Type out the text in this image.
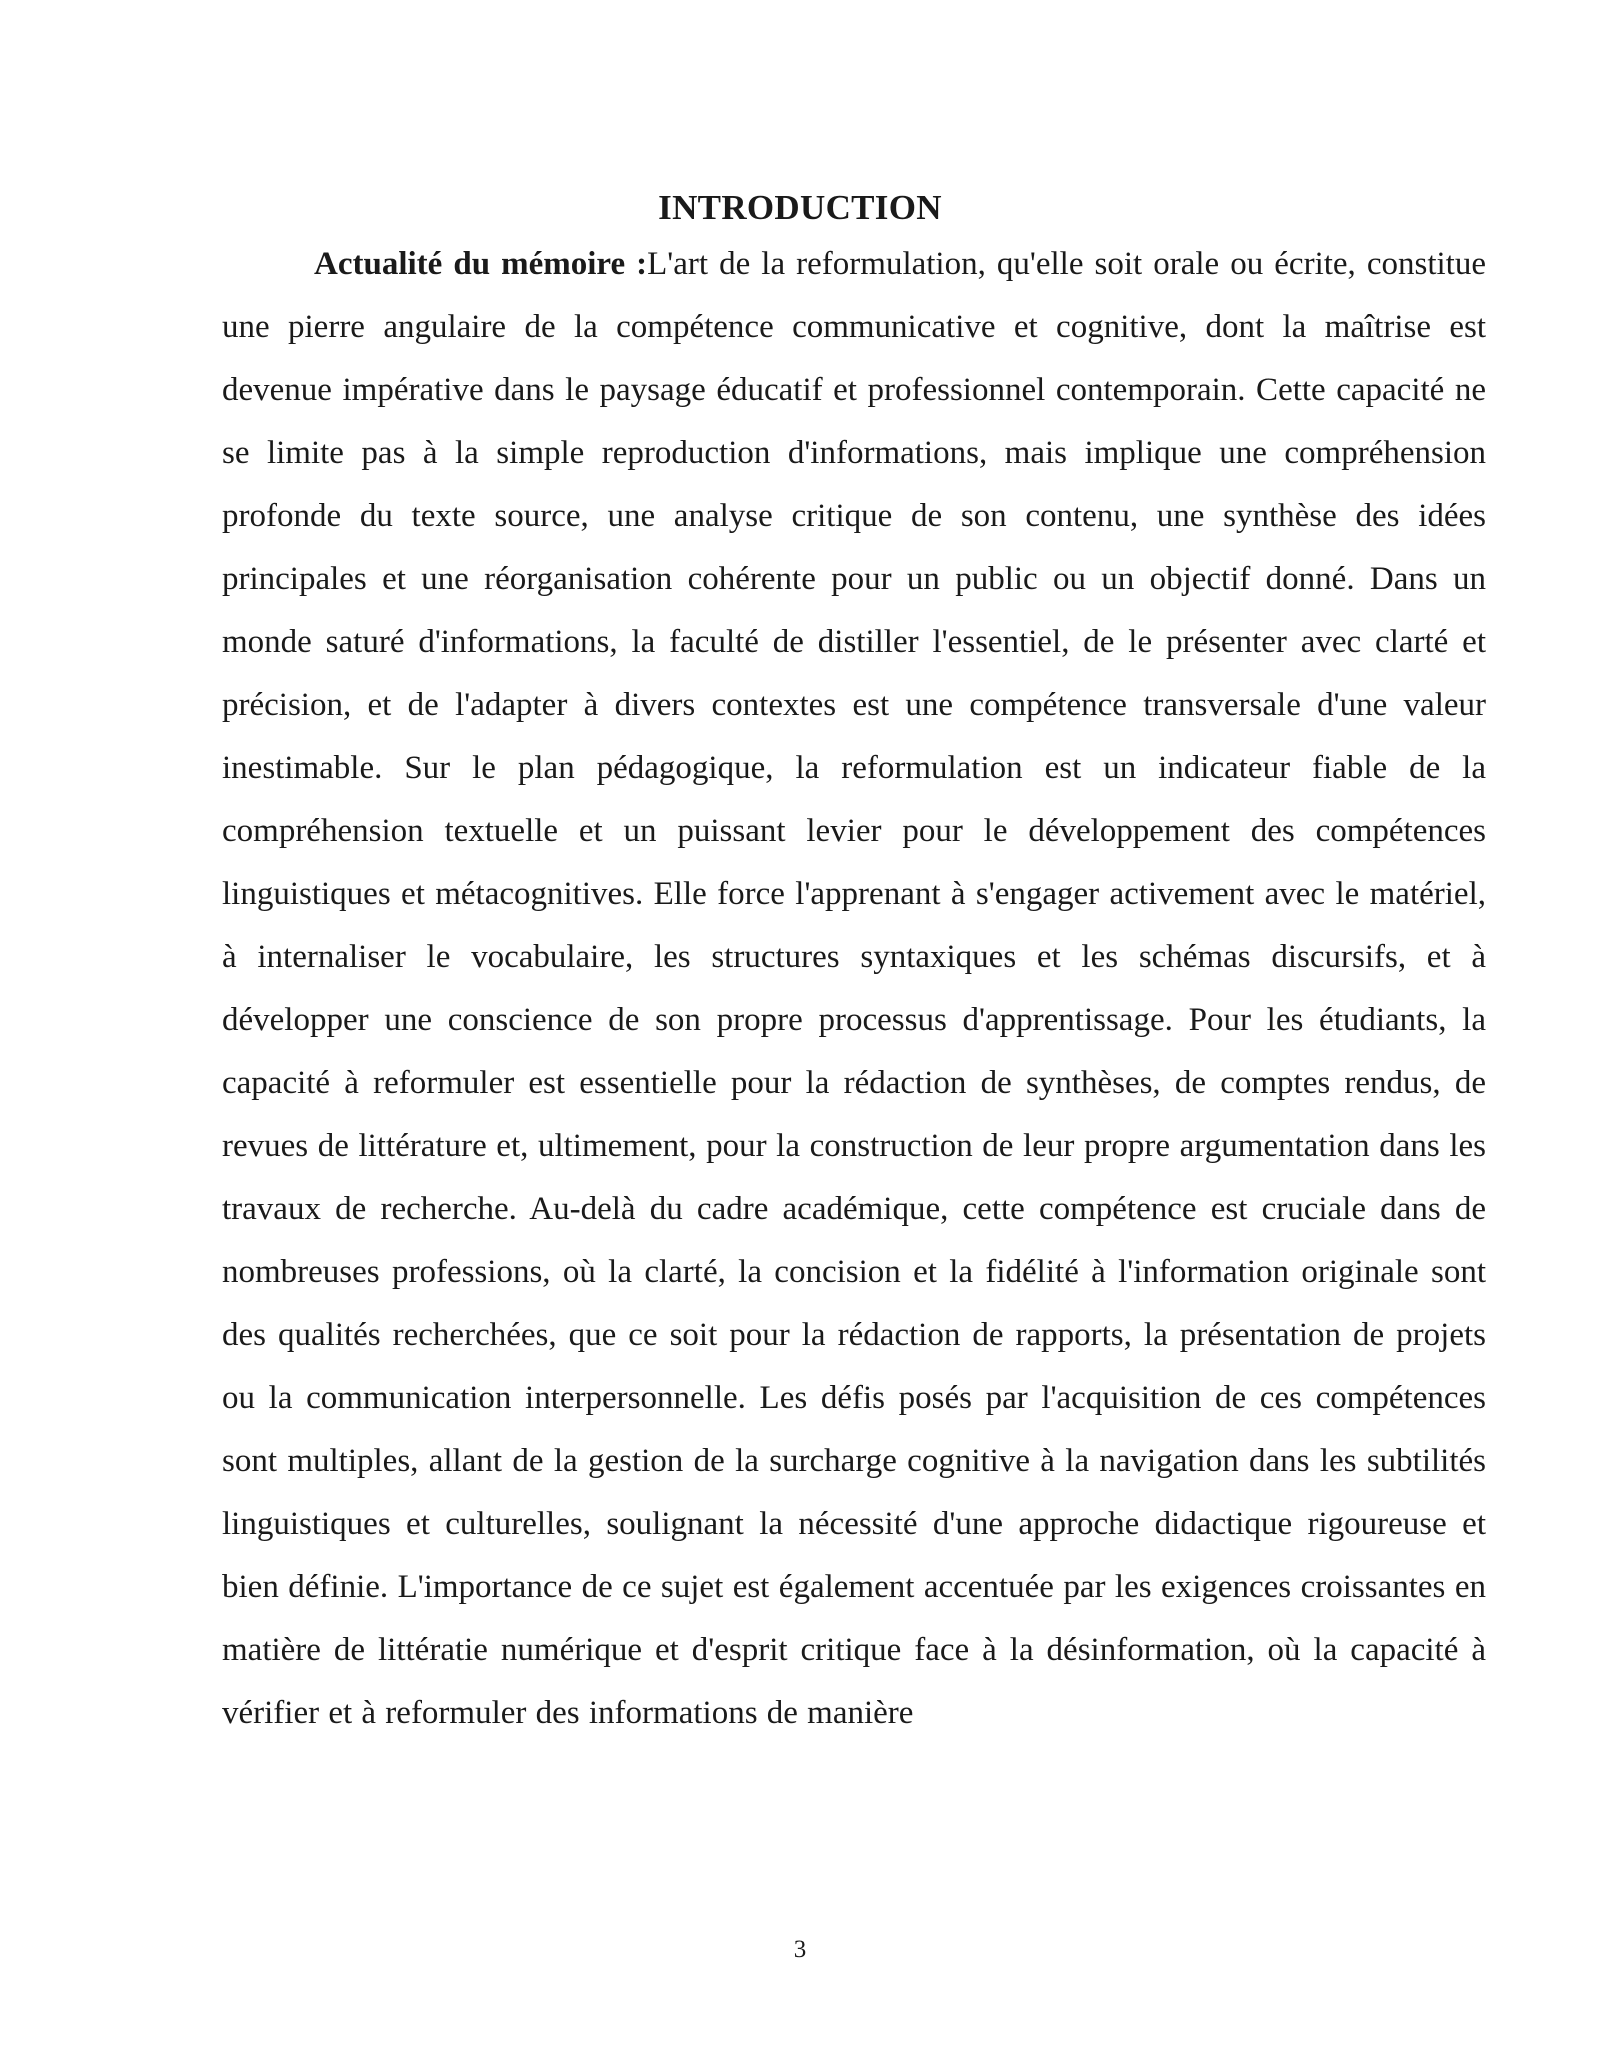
INTRODUCTION

Actualité du mémoire :L'art de la reformulation, qu'elle soit orale ou écrite, constitue une pierre angulaire de la compétence communicative et cognitive, dont la maîtrise est devenue impérative dans le paysage éducatif et professionnel contemporain. Cette capacité ne se limite pas à la simple reproduction d'informations, mais implique une compréhension profonde du texte source, une analyse critique de son contenu, une synthèse des idées principales et une réorganisation cohérente pour un public ou un objectif donné. Dans un monde saturé d'informations, la faculté de distiller l'essentiel, de le présenter avec clarté et précision, et de l'adapter à divers contextes est une compétence transversale d'une valeur inestimable. Sur le plan pédagogique, la reformulation est un indicateur fiable de la compréhension textuelle et un puissant levier pour le développement des compétences linguistiques et métacognitives. Elle force l'apprenant à s'engager activement avec le matériel, à internaliser le vocabulaire, les structures syntaxiques et les schémas discursifs, et à développer une conscience de son propre processus d'apprentissage. Pour les étudiants, la capacité à reformuler est essentielle pour la rédaction de synthèses, de comptes rendus, de revues de littérature et, ultimement, pour la construction de leur propre argumentation dans les travaux de recherche. Au-delà du cadre académique, cette compétence est cruciale dans de nombreuses professions, où la clarté, la concision et la fidélité à l'information originale sont des qualités recherchées, que ce soit pour la rédaction de rapports, la présentation de projets ou la communication interpersonnelle. Les défis posés par l'acquisition de ces compétences sont multiples, allant de la gestion de la surcharge cognitive à la navigation dans les subtilités linguistiques et culturelles, soulignant la nécessité d'une approche didactique rigoureuse et bien définie. L'importance de ce sujet est également accentuée par les exigences croissantes en matière de littératie numérique et d'esprit critique face à la désinformation, où la capacité à vérifier et à reformuler des informations de manière

3
